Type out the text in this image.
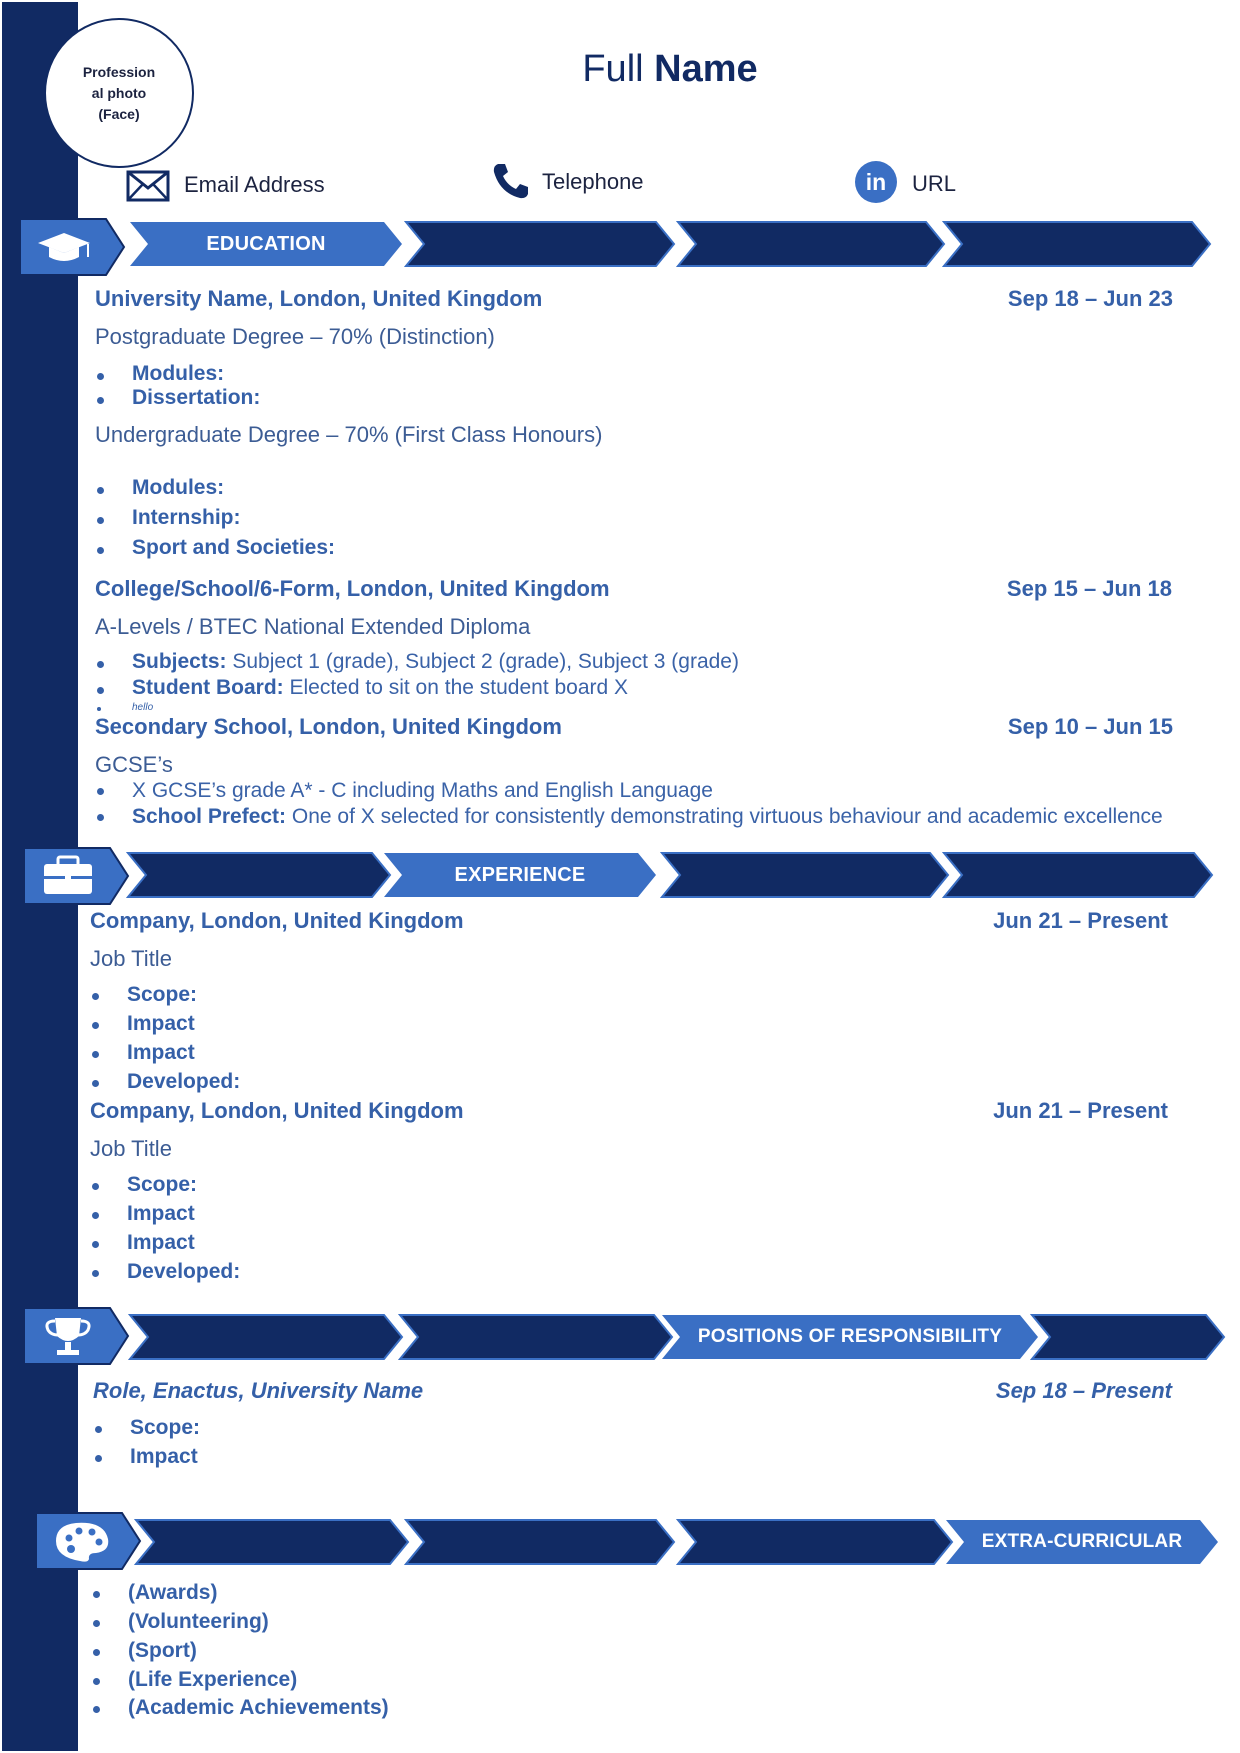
Profession al photo (Face)
Full Name
Email Address	Telephone	in URL
EDUCATION
University Name, London, United Kingdom	Sep 18 – Jun 23
Postgraduate Degree – 70% (Distinction)
Modules:
Dissertation:
Undergraduate Degree – 70% (First Class Honours)
Modules:
Internship:
Sport and Societies:
College/School/6-Form, London, United Kingdom	Sep 15 – Jun 18
A-Levels / BTEC National Extended Diploma
Subjects: Subject 1 (grade), Subject 2 (grade), Subject 3 (grade)
Student Board: Elected to sit on the student board X
hello
Secondary School, London, United Kingdom	Sep 10 – Jun 15
GCSE’s
X GCSE’s grade A* - C including Maths and English Language
School Prefect: One of X selected for consistently demonstrating virtuous behaviour and academic excellence
EXPERIENCE
Company, London, United Kingdom	Jun 21 – Present
Job Title
Scope:
Impact
Impact
Developed:
Company, London, United Kingdom	Jun 21 – Present
Job Title
Scope:
Impact
Impact
Developed:
POSITIONS OF RESPONSIBILITY
Role, Enactus, University Name	Sep 18 – Present
Scope:
Impact
EXTRA-CURRICULAR
(Awards)
(Volunteering)
(Sport)
(Life Experience)
(Academic Achievements)
